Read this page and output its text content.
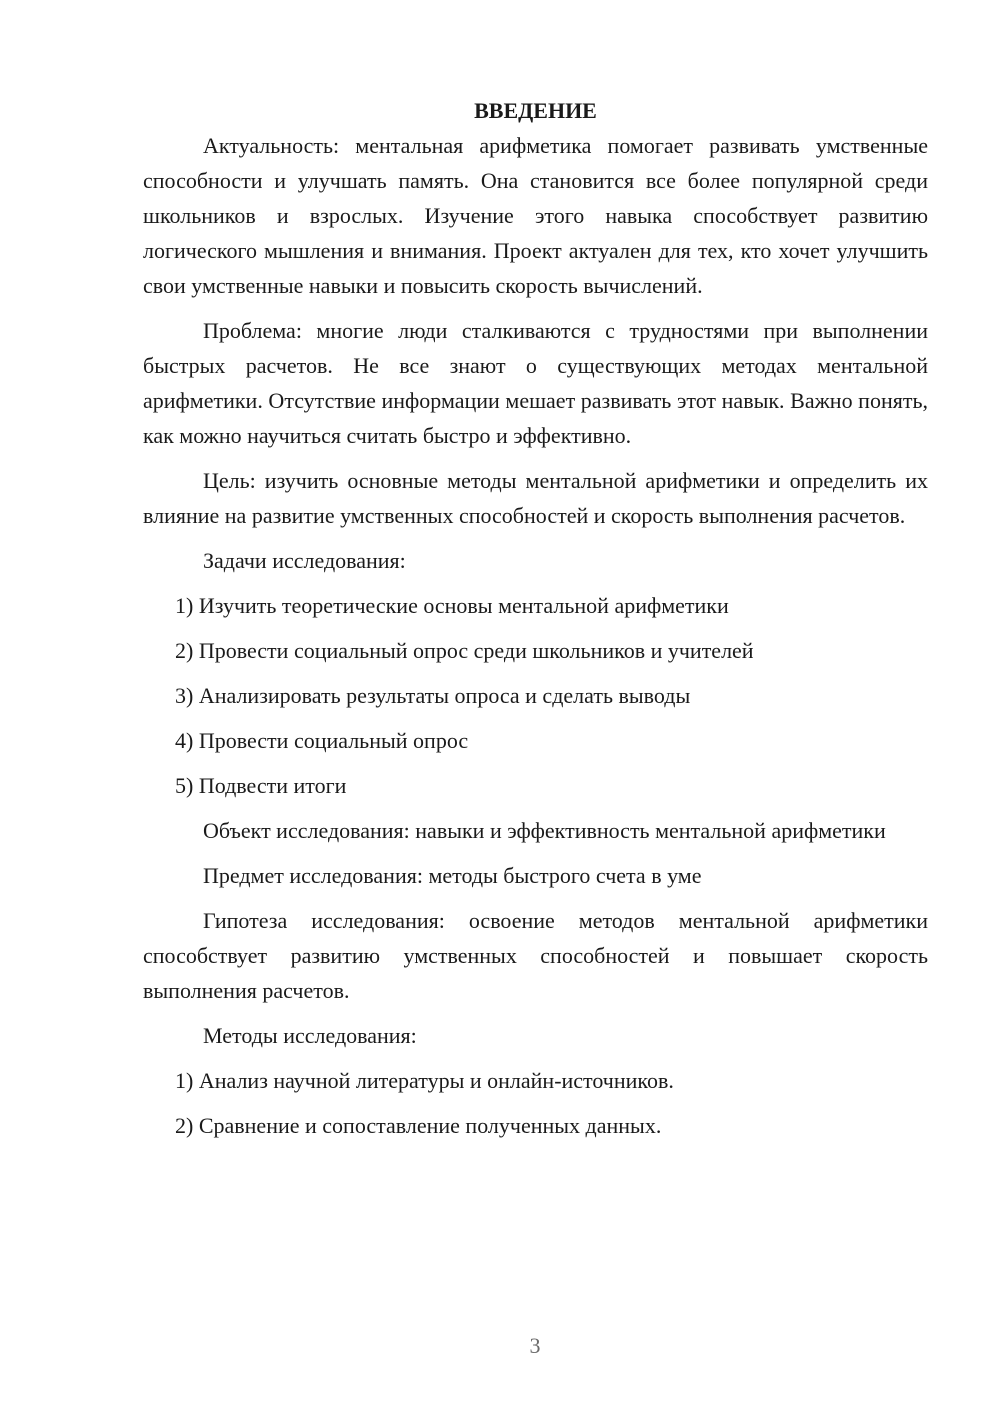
ВВЕДЕНИЕ

Актуальность: ментальная арифметика помогает развивать умственные способности и улучшать память. Она становится все более популярной среди школьников и взрослых. Изучение этого навыка способствует развитию логического мышления и внимания. Проект актуален для тех, кто хочет улучшить свои умственные навыки и повысить скорость вычислений.

Проблема: многие люди сталкиваются с трудностями при выполнении быстрых расчетов. Не все знают о существующих методах ментальной арифметики. Отсутствие информации мешает развивать этот навык. Важно понять, как можно научиться считать быстро и эффективно.

Цель: изучить основные методы ментальной арифметики и определить их влияние на развитие умственных способностей и скорость выполнения расчетов.

Задачи исследования:

1) Изучить теоретические основы ментальной арифметики

2) Провести социальный опрос среди школьников и учителей

3) Анализировать результаты опроса и сделать выводы

4) Провести социальный опрос

5) Подвести итоги

Объект исследования: навыки и эффективность ментальной арифметики

Предмет исследования: методы быстрого счета в уме

Гипотеза исследования: освоение методов ментальной арифметики способствует развитию умственных способностей и повышает скорость выполнения расчетов.

Методы исследования:

1) Анализ научной литературы и онлайн-источников.

2) Сравнение и сопоставление полученных данных.

3
